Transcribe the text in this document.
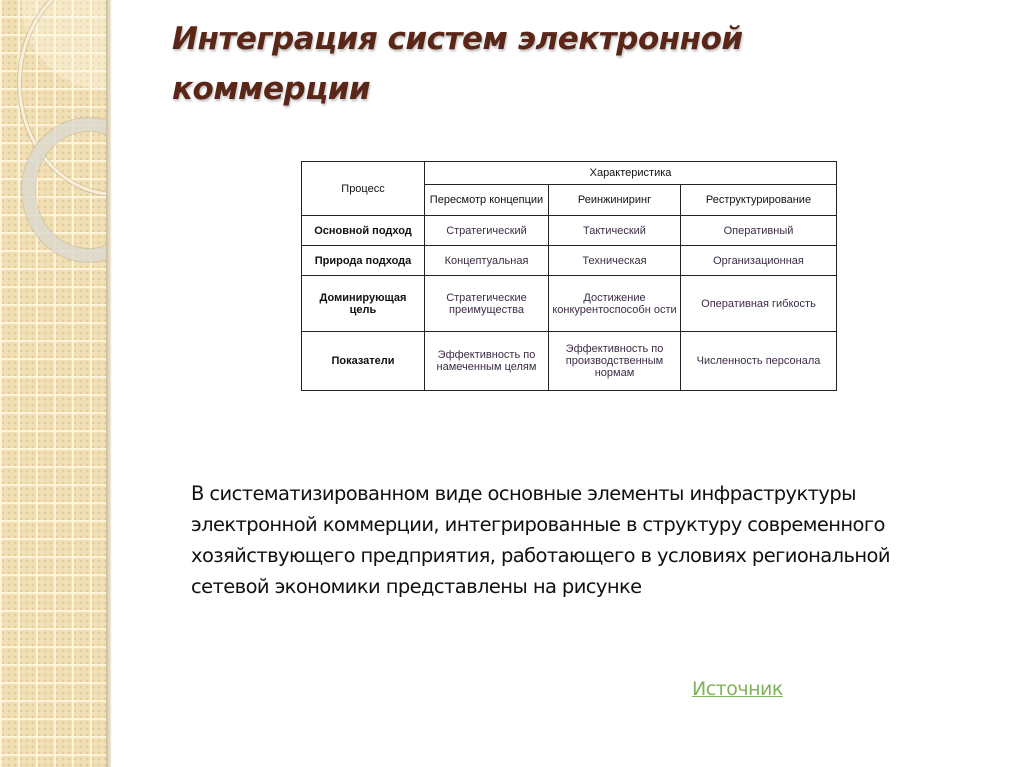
Интеграция систем электронной
коммерции
Процесс	Характеристика		
	Пересмотр концепции	Реинжиниринг	Реструктурирование
Основной подход	Стратегический	Тактический	Оперативный
Природа подхода	Концептуальная	Техническая	Организационная
Доминирующая цель	Стратегические преимущества	Достижение конкурентоспособн ости	Оперативная гибкость
Показатели	Эффективность по намеченным целям	Эффективность по производственным нормам	Численность персонала

В систематизированном виде основные элементы инфраструктуры электронной коммерции, интегрированные в структуру современного хозяйствующего предприятия, работающего в условиях региональной сетевой экономики представлены на рисунке

Источник
